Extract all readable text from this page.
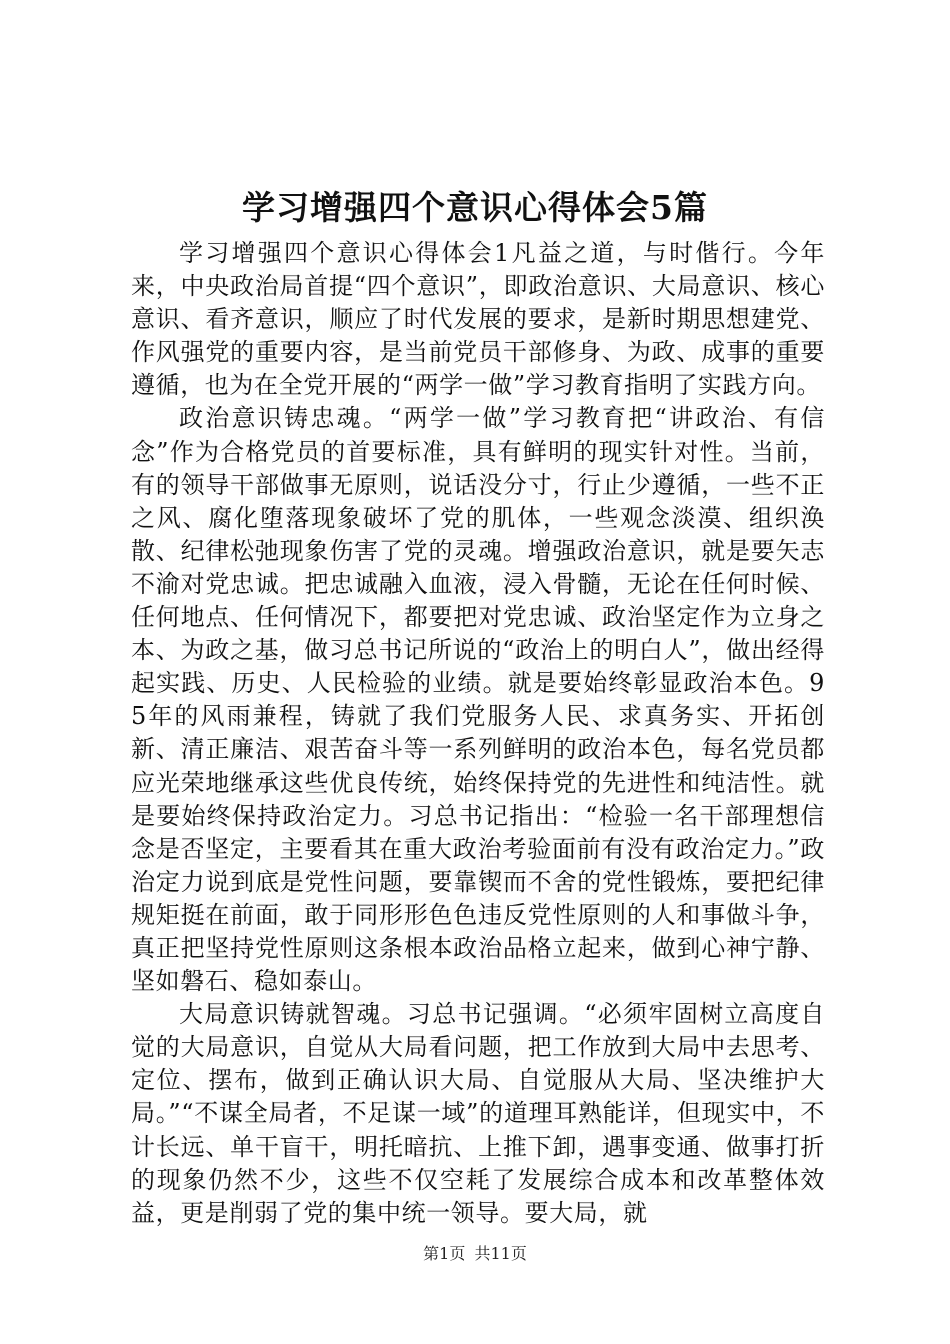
学习增强四个意识心得体会5篇

学习增强四个意识心得体会1凡益之道，与时偕行。今年来，中央政治局首提“四个意识”，即政治意识、大局意识、核心意识、看齐意识，顺应了时代发展的要求，是新时期思想建党、作风强党的重要内容，是当前党员干部修身、为政、成事的重要遵循，也为在全党开展的“两学一做”学习教育指明了实践方向。

政治意识铸忠魂。“两学一做”学习教育把“讲政治、有信念”作为合格党员的首要标准，具有鲜明的现实针对性。当前，有的领导干部做事无原则，说话没分寸，行止少遵循，一些不正之风、腐化堕落现象破坏了党的肌体，一些观念淡漠、组织涣散、纪律松弛现象伤害了党的灵魂。增强政治意识，就是要矢志不渝对党忠诚。把忠诚融入血液，浸入骨髓，无论在任何时候、任何地点、任何情况下，都要把对党忠诚、政治坚定作为立身之本、为政之基，做习总书记所说的“政治上的明白人”，做出经得起实践、历史、人民检验的业绩。就是要始终彰显政治本色。95年的风雨兼程，铸就了我们党服务人民、求真务实、开拓创新、清正廉洁、艰苦奋斗等一系列鲜明的政治本色，每名党员都应光荣地继承这些优良传统，始终保持党的先进性和纯洁性。就是要始终保持政治定力。习总书记指出：“检验一名干部理想信念是否坚定，主要看其在重大政治考验面前有没有政治定力。”政治定力说到底是党性问题，要靠锲而不舍的党性锻炼，要把纪律规矩挺在前面，敢于同形形色色违反党性原则的人和事做斗争，真正把坚持党性原则这条根本政治品格立起来，做到心神宁静、坚如磐石、稳如泰山。

大局意识铸就智魂。习总书记强调。“必须牢固树立高度自觉的大局意识，自觉从大局看问题，把工作放到大局中去思考、定位、摆布，做到正确认识大局、自觉服从大局、坚决维护大局。”“不谋全局者，不足谋一域”的道理耳熟能详，但现实中，不计长远、单干盲干，明托暗抗、上推下卸，遇事变通、做事打折的现象仍然不少，这些不仅空耗了发展综合成本和改革整体效益，更是削弱了党的集中统一领导。要大局，就

第1页 共11页
